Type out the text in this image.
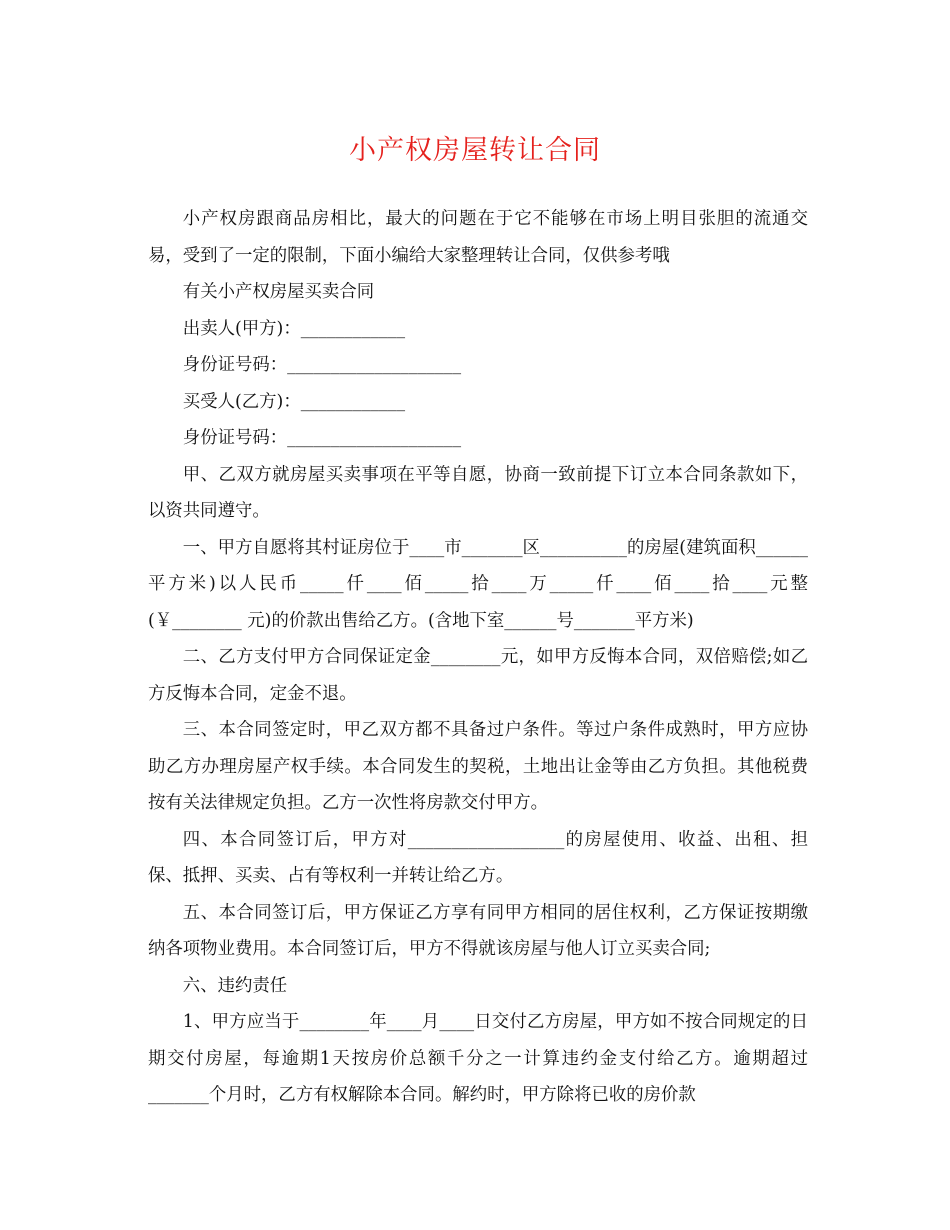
小产权房屋转让合同

小产权房跟商品房相比，最大的问题在于它不能够在市场上明目张胆的流通交易，受到了一定的限制，下面小编给大家整理转让合同，仅供参考哦

有关小产权房屋买卖合同

出卖人(甲方)：____________

身份证号码：____________________

买受人(乙方)：____________

身份证号码：____________________

甲、乙双方就房屋买卖事项在平等自愿，协商一致前提下订立本合同条款如下，以资共同遵守。

一、甲方自愿将其村证房位于____市_______区__________的房屋(建筑面积______平方米)以人民币_____仟____佰_____拾____万_____仟____佰____拾____元整(￥________ 元)的价款出售给乙方。(含地下室______号_______平方米)

二、乙方支付甲方合同保证定金________元，如甲方反悔本合同，双倍赔偿;如乙方反悔本合同，定金不退。

三、本合同签定时，甲乙双方都不具备过户条件。等过户条件成熟时，甲方应协助乙方办理房屋产权手续。本合同发生的契税，土地出让金等由乙方负担。其他税费按有关法律规定负担。乙方一次性将房款交付甲方。

四、本合同签订后，甲方对__________________的房屋使用、收益、出租、担保、抵押、买卖、占有等权利一并转让给乙方。

五、本合同签订后，甲方保证乙方享有同甲方相同的居住权利，乙方保证按期缴纳各项物业费用。本合同签订后，甲方不得就该房屋与他人订立买卖合同;

六、违约责任

1、甲方应当于________年____月____日交付乙方房屋，甲方如不按合同规定的日期交付房屋，每逾期1天按房价总额千分之一计算违约金支付给乙方。逾期超过_______个月时，乙方有权解除本合同。解约时，甲方除将已收的房价款
